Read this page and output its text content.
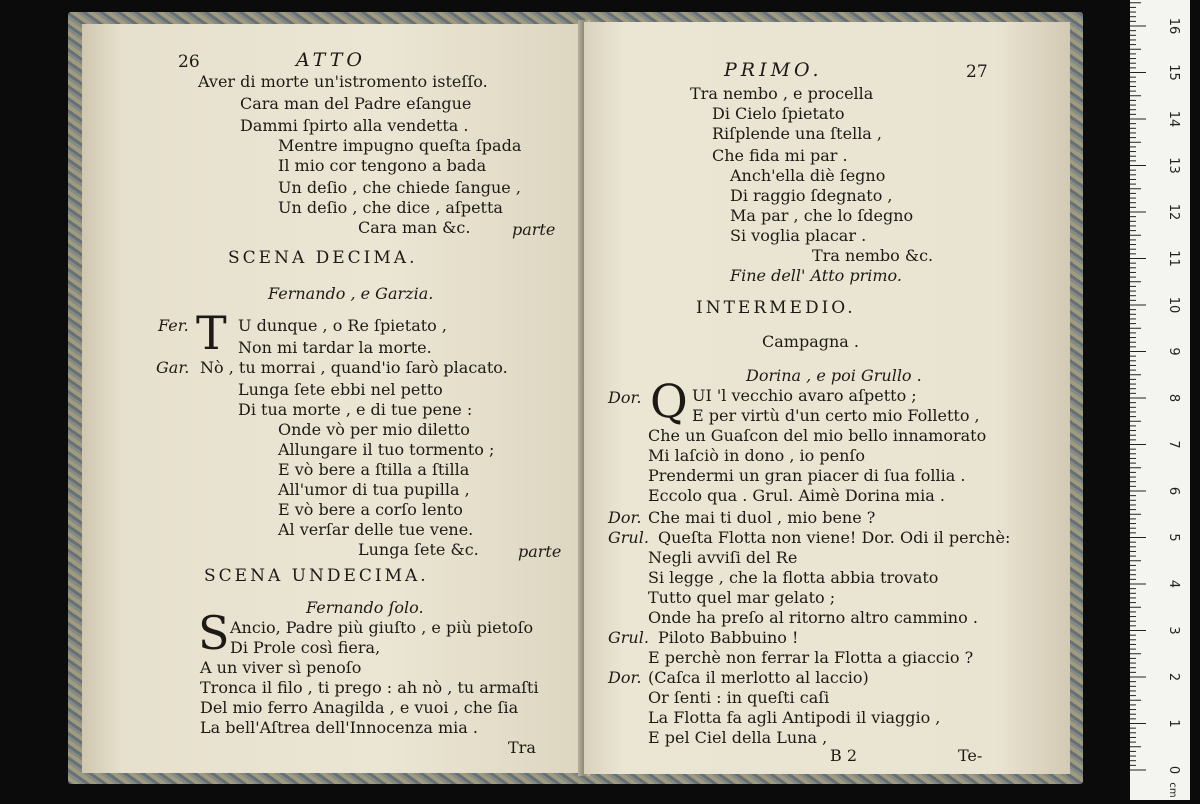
26	ATTO
Aver di morte un'istromento isteſſo.
Cara man del Padre eſangue
Dammi ſpirto alla vendetta .
Mentre impugno queſta ſpada
Il mio cor tengono a bada
Un deſio , che chiede ſangue ,
Un deſio , che dice , aſpetta
Cara man &c.	parte
SCENA DECIMA.
Fernando , e Garzia.
Fer. T U dunque , o Re ſpietato ,
Non mi tardar la morte.
Gar. Nò , tu morrai , quand'io ſarò placato.
Lunga ſete ebbi nel petto
Di tua morte , e di tue pene :
Onde vò per mio diletto
Allungare il tuo tormento ;
E vò bere a ſtilla a ſtilla
All'umor di tua pupilla ,
E vò bere a corſo lento
Al verſar delle tue vene.
Lunga ſete &c. parte
SCENA UNDECIMA.
Fernando ſolo.
S Ancio, Padre più giuſto , e più pietoſo
Di Prole così fiera,
A un viver sì penoſo
Tronca il filo , ti prego : ah nò , tu armaſti
Del mio ferro Anagilda , e vuoi , che ſia
La bell'Aſtrea dell'Innocenza mia .
Tra
PRIMO.	27
Tra nembo , e procella
Di Cielo ſpietato
Riſplende una ſtella ,
Che fida mi par .
Anch'ella diè ſegno
Di raggio ſdegnato ,
Ma par , che lo ſdegno
Si voglia placar .
Tra nembo &c.
Fine dell' Atto primo.
INTERMEDIO.
Campagna .
Dorina , e poi Grullo .
Dor. Q UI 'l vecchio avaro aſpetto ;
E per virtù d'un certo mio Folletto ,
Che un Guaſcon del mio bello innamorato
Mi laſciò in dono , io penſo
Prendermi un gran piacer di ſua follia .
Eccolo qua . Grul. Aimè Dorina mia .
Dor. Che mai ti duol , mio bene ?
Grul. Queſta Flotta non viene! Dor. Odi il perchè:
Negli avviſi del Re
Si legge , che la flotta abbia trovato
Tutto quel mar gelato ;
Onde ha preſo al ritorno altro cammino .
Grul. Piloto Babbuino !
E perchè non ferrar la Flotta a giaccio ?
Dor. (Caſca il merlotto al laccio)
Or ſenti : in queſti caſi
La Flotta fa agli Antipodi il viaggio ,
E pel Ciel della Luna ,
B 2	Te-
0
1
2
3
4
5
6
7
8
9
10
11
12
13
14
15
16
cm
